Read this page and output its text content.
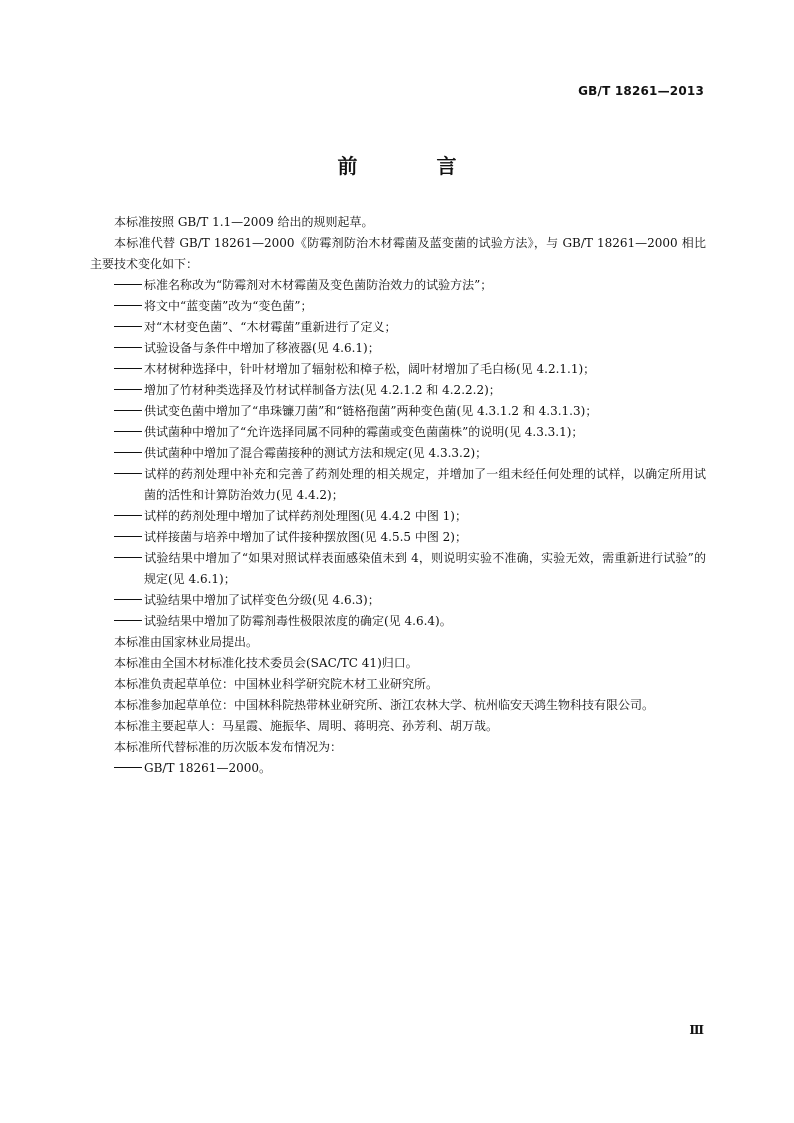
GB/T 18261—2013
前 言

本标准按照 GB/T 1.1—2009 给出的规则起草。

本标准代替 GB/T 18261—2000《防霉剂防治木材霉菌及蓝变菌的试验方法》，与 GB/T 18261—2000 相比主要技术变化如下：

标准名称改为“防霉剂对木材霉菌及变色菌防治效力的试验方法”；

将文中“蓝变菌”改为“变色菌”；

对“木材变色菌”、“木材霉菌”重新进行了定义；

试验设备与条件中增加了移液器(见 4.6.1)；

木材树种选择中，针叶材增加了辐射松和樟子松，阔叶材增加了毛白杨(见 4.2.1.1)；

增加了竹材种类选择及竹材试样制备方法(见 4.2.1.2 和 4.2.2.2)；

供试变色菌中增加了“串珠镰刀菌”和“链格孢菌”两种变色菌(见 4.3.1.2 和 4.3.1.3)；

供试菌种中增加了“允许选择同属不同种的霉菌或变色菌菌株”的说明(见 4.3.3.1)；

供试菌种中增加了混合霉菌接种的测试方法和规定(见 4.3.3.2)；

试样的药剂处理中补充和完善了药剂处理的相关规定，并增加了一组未经任何处理的试样，以确定所用试菌的活性和计算防治效力(见 4.4.2)；

试样的药剂处理中增加了试样药剂处理图(见 4.4.2 中图 1)；

试样接菌与培养中增加了试件接种摆放图(见 4.5.5 中图 2)；

试验结果中增加了“如果对照试样表面感染值未到 4，则说明实验不准确，实验无效，需重新进行试验”的规定(见 4.6.1)；

试验结果中增加了试样变色分级(见 4.6.3)；

试验结果中增加了防霉剂毒性极限浓度的确定(见 4.6.4)。

本标准由国家林业局提出。

本标准由全国木材标准化技术委员会(SAC/TC 41)归口。

本标准负责起草单位：中国林业科学研究院木材工业研究所。

本标准参加起草单位：中国林科院热带林业研究所、浙江农林大学、杭州临安天鸿生物科技有限公司。

本标准主要起草人：马星霞、施振华、周明、蒋明亮、孙芳利、胡万哉。

本标准所代替标准的历次版本发布情况为：

GB/T 18261—2000。

Ⅲ
